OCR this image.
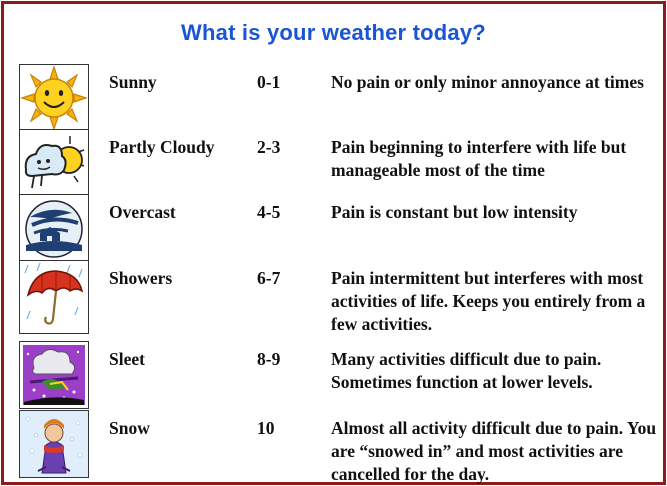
What is your weather today?
Sunny	0-1	No pain or only minor annoyance at times
Partly Cloudy 2-3	Pain beginning to interfere with life but manageable most of the time
Overcast	4-5	Pain is constant but low intensity
Showers	6-7	Pain intermittent but interferes with most activities of life. Keeps you entirely from a few activities.
Sleet	8-9	Many activities difficult due to pain. Sometimes function at lower levels.
Snow	10	Almost all activity difficult due to pain. You are “snowed in” and most activities are cancelled for the day.
